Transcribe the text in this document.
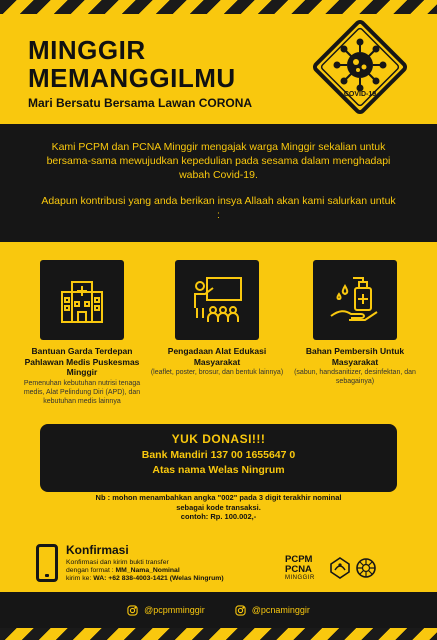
MINGGIR
MEMANGGILMU
Mari Bersatu Bersama Lawan CORONA
COVID-19

Kami PCPM dan PCNA Minggir mengajak warga Minggir sekalian untuk bersama-sama mewujudkan kepedulian pada sesama dalam menghadapi wabah Covid-19.

Adapun kontribusi yang anda berikan insya Allaah akan kami salurkan untuk :

Bantuan Garda Terdepan Pahlawan Medis Puskesmas Minggir
Pemenuhan kebutuhan nutrisi tenaga medis, Alat Pelindung Diri (APD), dan kebutuhan medis lainnya
Pengadaan Alat Edukasi Masyarakat
(leaflet, poster, brosur, dan bentuk lainnya)
Bahan Pembersih Untuk Masyarakat
(sabun, handsanitizer, desinfektan, dan sebagainya)
YUK DONASI!!!
Bank Mandiri 137 00 1655647 0
Atas nama Welas Ningrum
Nb : mohon menambahkan angka "002" pada 3 digit terakhir nominal
sebagai kode transaksi.
contoh: Rp. 100.002,-
Konfirmasi
Konfirmasi dan kirim bukti transfer
dengan format : MM_Nama_Nominal
kirim ke: WA: +62 838-4003-1421 (Welas Ningrum)
PCPM
PCNA
MINGGIR
@pcpmminggir	@pcnaminggir
